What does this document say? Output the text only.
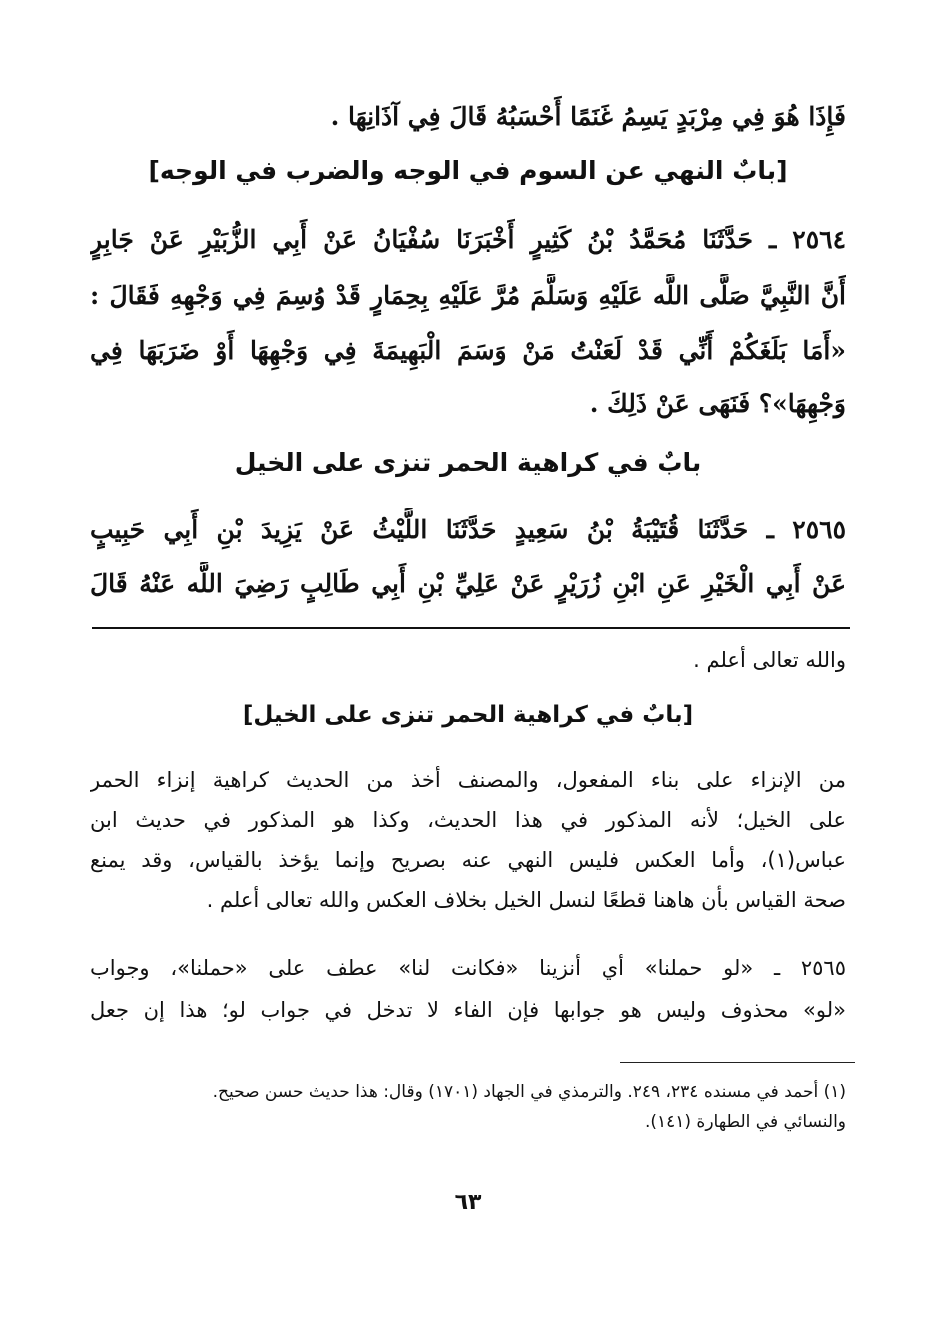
فَإِذَا هُوَ فِي مِرْبَدٍ يَسِمُ غَنَمًا أَحْسَبُهُ قَالَ فِي آذَانِهَا .
[بابٌ النهي عن السوم في الوجه والضرب في الوجه]
٢٥٦٤ ـ حَدَّثَنَا مُحَمَّدُ بْنُ كَثِيرٍ أَخْبَرَنَا سُفْيَانُ عَنْ أَبِي الزُّبَيْرِ عَنْ جَابِرٍ
أَنَّ النَّبِيَّ صَلَّى اللَّه عَلَيْهِ وَسَلَّمَ مُرَّ عَلَيْهِ بِحِمَارٍ قَدْ وُسِمَ فِي وَجْهِهِ فَقَالَ :
«أَمَا بَلَغَكُمْ أَنِّي قَدْ لَعَنْتُ مَنْ وَسَمَ الْبَهِيمَةَ فِي وَجْهِهَا أَوْ ضَرَبَهَا فِي
وَجْهِهَا»؟ فَنَهَى عَنْ ذَلِكَ .
بابٌ في كراهية الحمر تنزى على الخيل
٢٥٦٥ ـ حَدَّثَنَا قُتَيْبَةُ بْنُ سَعِيدٍ حَدَّثَنَا اللَّيْثُ عَنْ يَزِيدَ بْنِ أَبِي حَبِيبٍ
عَنْ أَبِي الْخَيْرِ عَنِ ابْنِ زُرَيْرٍ عَنْ عَلِيِّ بْنِ أَبِي طَالِبٍ رَضِيَ اللَّه عَنْهُ قَالَ
والله تعالى أعلم .
[بابٌ في كراهية الحمر تنزى على الخيل]
من الإنزاء على بناء المفعول، والمصنف أخذ من الحديث كراهية إنزاء الحمر
على الخيل؛ لأنه المذكور في هذا الحديث، وكذا هو المذكور في حديث ابن
عباس(١)، وأما العكس فليس النهي عنه بصريح وإنما يؤخذ بالقياس، وقد يمنع
صحة القياس بأن هاهنا قطعًا لنسل الخيل بخلاف العكس والله تعالى أعلم .
٢٥٦٥ ـ «لو حملنا» أي أنزينا «فكانت لنا» عطف على «حملنا»، وجواب
«لو» محذوف وليس هو جوابها فإن الفاء لا تدخل في جواب لو؛ هذا إن جعل
(١) أحمد في مسنده ٢٣٤، ٢٤٩. والترمذي في الجهاد (١٧٠١) وقال: هذا حديث حسن صحيح.
والنسائي في الطهارة (١٤١).
٦٣
